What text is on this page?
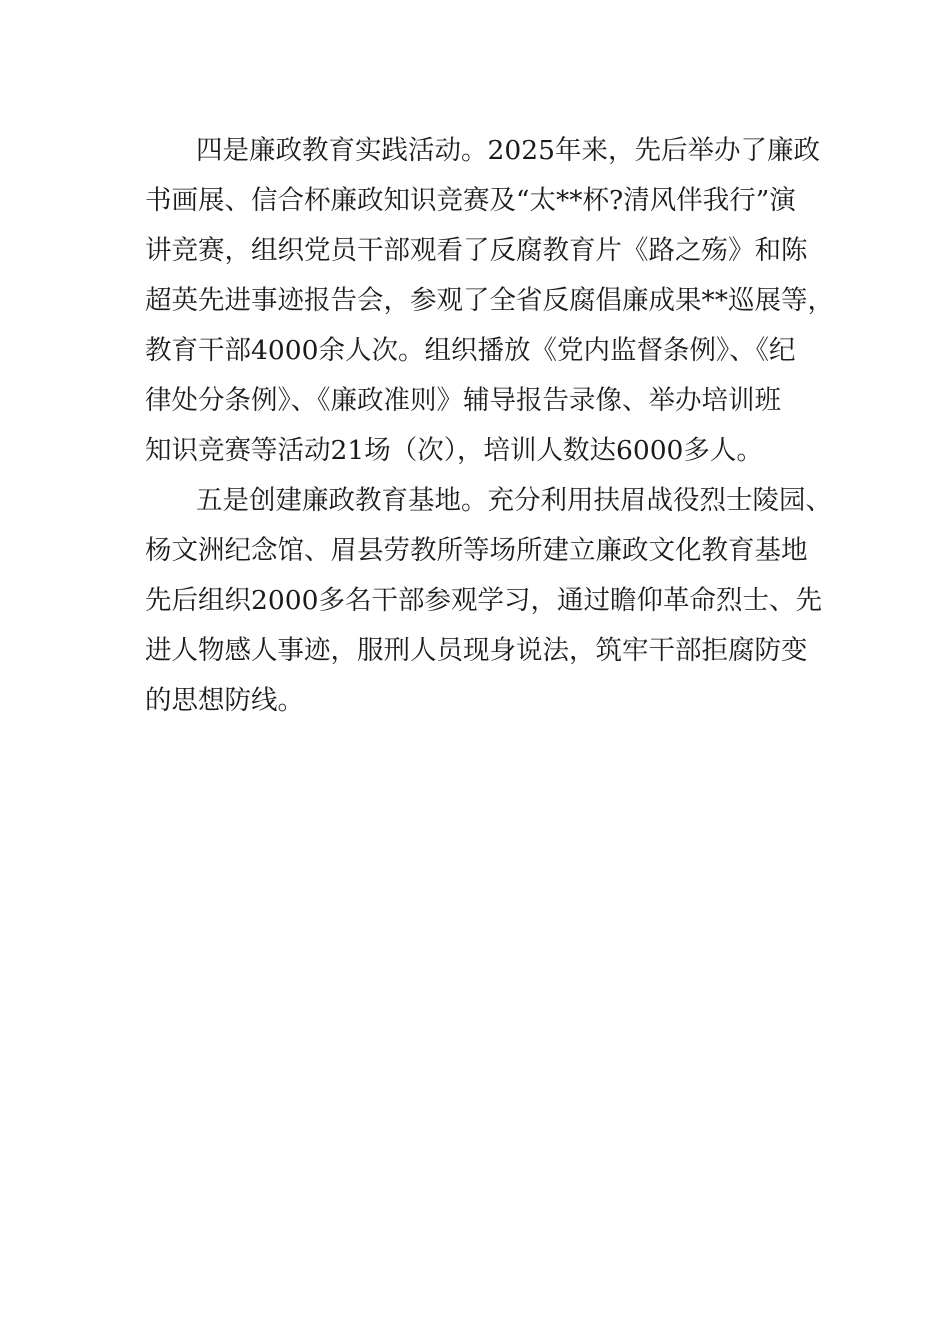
四是廉政教育实践活动。2025年来，先后举办了廉政
书画展、信合杯廉政知识竞赛及“太**杯?清风伴我行”演
讲竞赛，组织党员干部观看了反腐教育片《路之殇》和陈
超英先进事迹报告会，参观了全省反腐倡廉成果**巡展等，
教育干部4000余人次。组织播放《党内监督条例》、《纪
律处分条例》、《廉政准则》辅导报告录像、举办培训班
知识竞赛等活动21场（次），培训人数达6000多人。
五是创建廉政教育基地。充分利用扶眉战役烈士陵园、
杨文洲纪念馆、眉县劳教所等场所建立廉政文化教育基地
先后组织2000多名干部参观学习，通过瞻仰革命烈士、先
进人物感人事迹，服刑人员现身说法，筑牢干部拒腐防变
的思想防线。
